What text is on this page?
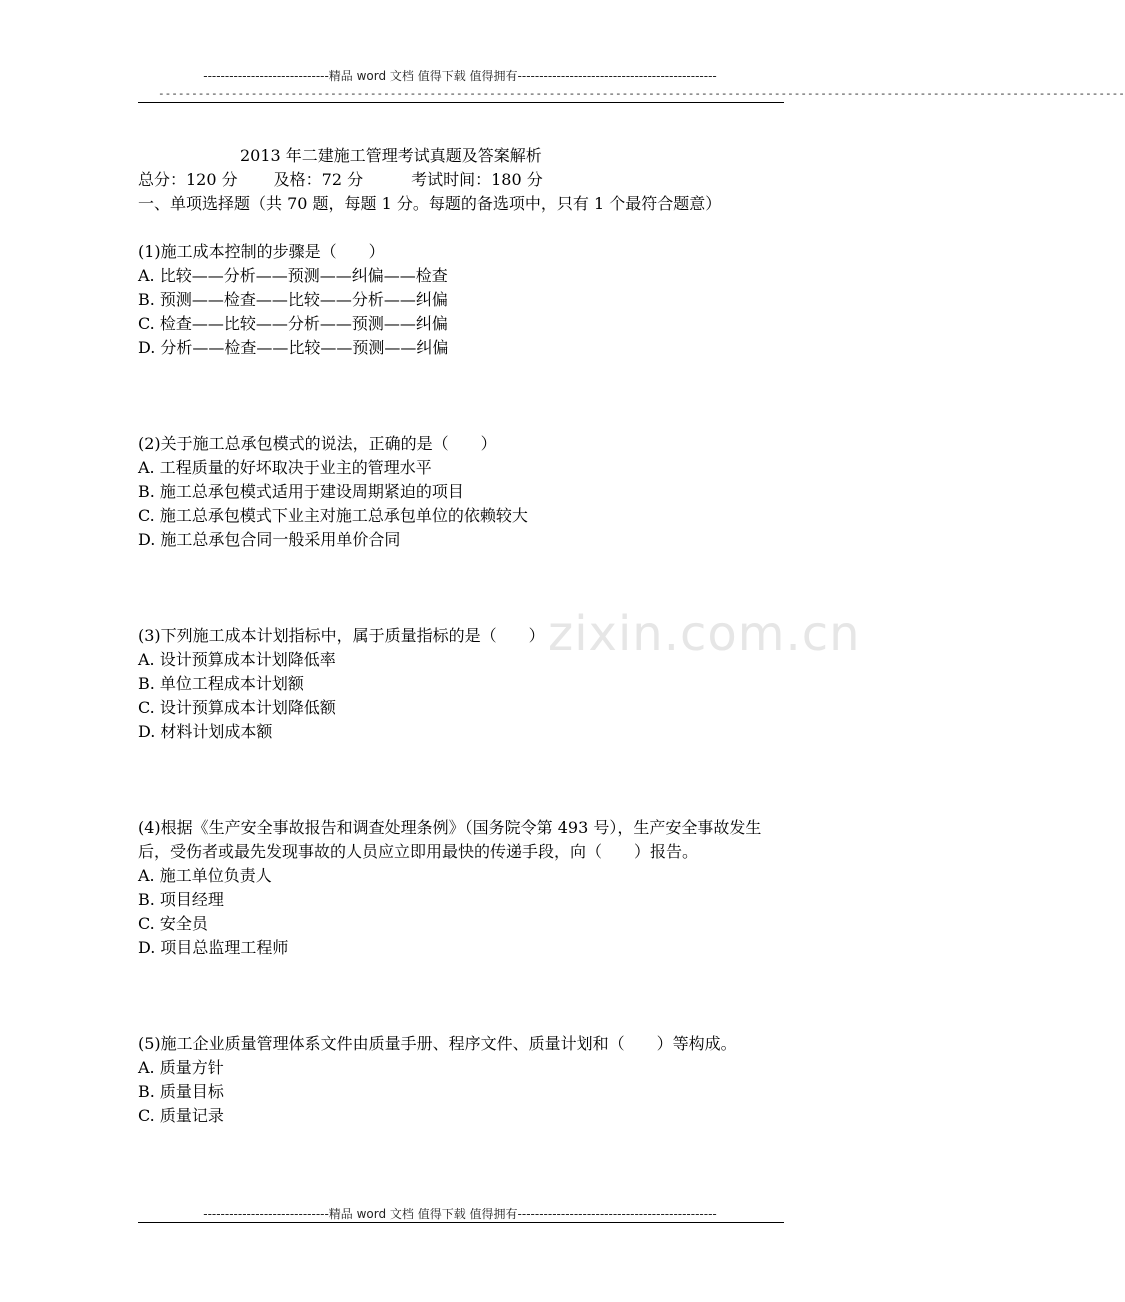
-----------------------------精品 word 文档 值得下载 值得拥有----------------------------------------------
--------------------------------------------------------------------------------------------------------------------------------------------------
zixin.com.cn
2013 年二建施工管理考试真题及答案解析
总分：120 分 及格：72 分	考试时间：180 分
一、单项选择题（共 70 题，每题 1 分。每题的备选项中，只有 1 个最符合题意）
(1)施工成本控制的步骤是（　　）
A. 比较——分析——预测——纠偏——检查
B. 预测——检查——比较——分析——纠偏
C. 检查——比较——分析——预测——纠偏
D. 分析——检查——比较——预测——纠偏
(2)关于施工总承包模式的说法，正确的是（　　）
A. 工程质量的好坏取决于业主的管理水平
B. 施工总承包模式适用于建设周期紧迫的项目
C. 施工总承包模式下业主对施工总承包单位的依赖较大
D. 施工总承包合同一般采用单价合同
(3)下列施工成本计划指标中，属于质量指标的是（　　）
A. 设计预算成本计划降低率
B. 单位工程成本计划额
C. 设计预算成本计划降低额
D. 材料计划成本额
(4)根据《生产安全事故报告和调查处理条例》（国务院令第 493 号），生产安全事故发生后，受伤者或最先发现事故的人员应立即用最快的传递手段，向（　　）报告。
A. 施工单位负责人
B. 项目经理
C. 安全员
D. 项目总监理工程师
(5)施工企业质量管理体系文件由质量手册、程序文件、质量计划和（　　）等构成。
A. 质量方针
B. 质量目标
C. 质量记录
-----------------------------精品 word 文档 值得下载 值得拥有----------------------------------------------
